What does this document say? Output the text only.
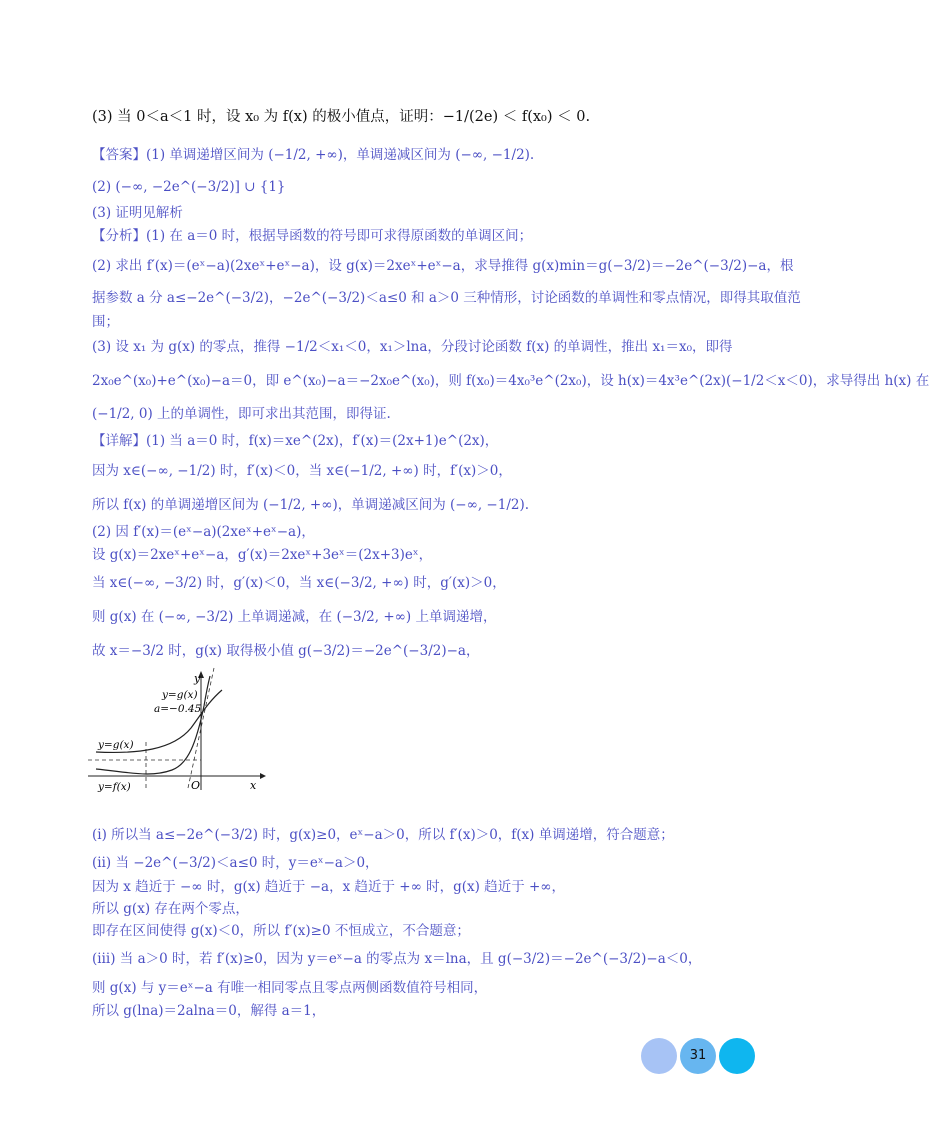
(3) 当 0＜a＜1 时，设 x₀ 为 f(x) 的极小值点，证明：−1/(2e) ＜ f(x₀) ＜ 0.
【答案】(1) 单调递增区间为 (−1/2, +∞)，单调递减区间为 (−∞, −1/2).
(2) (−∞, −2e^(−3/2)] ∪ {1}
(3) 证明见解析
【分析】(1) 在 a＝0 时，根据导函数的符号即可求得原函数的单调区间；
(2) 求出 f′(x)＝(eˣ−a)(2xeˣ+eˣ−a)，设 g(x)＝2xeˣ+eˣ−a，求导推得 g(x)min＝g(−3/2)＝−2e^(−3/2)−a，根
据参数 a 分 a≤−2e^(−3/2)，−2e^(−3/2)＜a≤0 和 a＞0 三种情形，讨论函数的单调性和零点情况，即得其取值范
围；
(3) 设 x₁ 为 g(x) 的零点，推得 −1/2＜x₁＜0，x₁＞lna，分段讨论函数 f(x) 的单调性，推出 x₁＝x₀，即得
2x₀e^(x₀)+e^(x₀)−a＝0，即 e^(x₀)−a＝−2x₀e^(x₀)，则 f(x₀)＝4x₀³e^(2x₀)，设 h(x)＝4x³e^(2x)(−1/2＜x＜0)，求导得出 h(x) 在
(−1/2, 0) 上的单调性，即可求出其范围，即得证.
【详解】(1) 当 a＝0 时，f(x)＝xe^(2x)，f′(x)＝(2x+1)e^(2x)，
因为 x∈(−∞, −1/2) 时，f′(x)＜0，当 x∈(−1/2, +∞) 时，f′(x)＞0，
所以 f(x) 的单调递增区间为 (−1/2, +∞)，单调递减区间为 (−∞, −1/2).
(2) 因 f′(x)＝(eˣ−a)(2xeˣ+eˣ−a)，
设 g(x)＝2xeˣ+eˣ−a，g′(x)＝2xeˣ+3eˣ＝(2x+3)eˣ，
当 x∈(−∞, −3/2) 时，g′(x)＜0，当 x∈(−3/2, +∞) 时，g′(x)＞0，
则 g(x) 在 (−∞, −3/2) 上单调递减，在 (−3/2, +∞) 上单调递增，
故 x＝−3/2 时，g(x) 取得极小值 g(−3/2)＝−2e^(−3/2)−a，
y
x
O
y=g(x)
a=−0.45
y=g(x)
y=f(x)
(ⅰ) 所以当 a≤−2e^(−3/2) 时，g(x)≥0，eˣ−a＞0，所以 f′(x)＞0，f(x) 单调递增，符合题意；
(ⅱ) 当 −2e^(−3/2)＜a≤0 时，y＝eˣ−a＞0，
因为 x 趋近于 −∞ 时，g(x) 趋近于 −a，x 趋近于 +∞ 时，g(x) 趋近于 +∞，
所以 g(x) 存在两个零点，
即存在区间使得 g(x)＜0，所以 f′(x)≥0 不恒成立，不合题意；
(ⅲ) 当 a＞0 时，若 f′(x)≥0，因为 y＝eˣ−a 的零点为 x＝lna，且 g(−3/2)＝−2e^(−3/2)−a＜0，
则 g(x) 与 y＝eˣ−a 有唯一相同零点且零点两侧函数值符号相同，
所以 g(lna)＝2alna＝0，解得 a＝1，
31
